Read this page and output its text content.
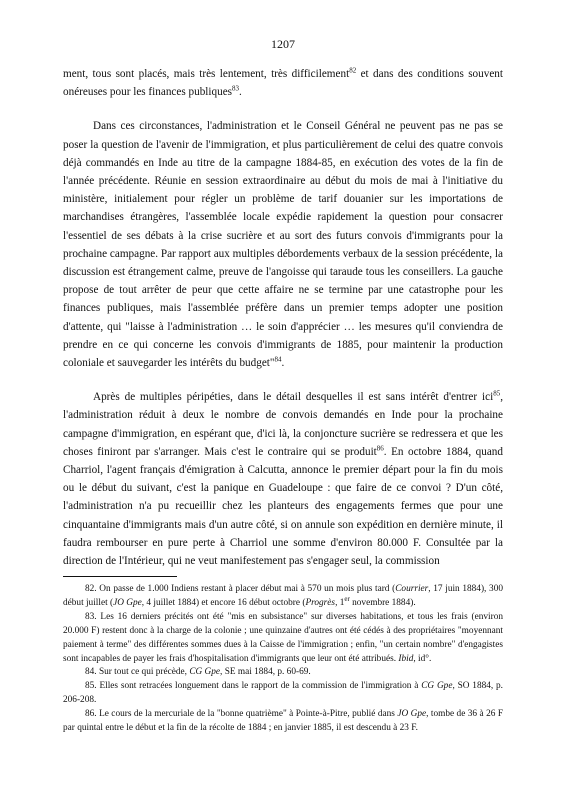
1207

ment, tous sont placés, mais très lentement, très difficilement$^{82}$ et dans des conditions souvent onéreuses pour les finances publiques$^{83}$.

Dans ces circonstances, l'administration et le Conseil Général ne peuvent pas ne pas se poser la question de l'avenir de l'immigration, et plus particulièrement de celui des quatre convois déjà commandés en Inde au titre de la campagne 1884-85, en exécution des votes de la fin de l'année précédente. Réunie en session extraordinaire au début du mois de mai à l'initiative du ministère, initialement pour régler un problème de tarif douanier sur les importations de marchandises étrangères, l'assemblée locale expédie rapidement la question pour consacrer l'essentiel de ses débats à la crise sucrière et au sort des futurs convois d'immigrants pour la prochaine campagne. Par rapport aux multiples débordements verbaux de la session précédente, la discussion est étrangement calme, preuve de l'angoisse qui taraude tous les conseillers. La gauche propose de tout arrêter de peur que cette affaire ne se termine par une catastrophe pour les finances publiques, mais l'assemblée préfère dans un premier temps adopter une position d'attente, qui "laisse à l'administration … le soin d'apprécier … les mesures qu'il conviendra de prendre en ce qui concerne les convois d'immigrants de 1885, pour maintenir la production coloniale et sauvegarder les intérêts du budget"$^{84}$.

Après de multiples péripéties, dans le détail desquelles il est sans intérêt d'entrer ici$^{85}$, l'administration réduit à deux le nombre de convois demandés en Inde pour la prochaine campagne d'immigration, en espérant que, d'ici là, la conjoncture sucrière se redressera et que les choses finiront par s'arranger. Mais c'est le contraire qui se produit$^{86}$. En octobre 1884, quand Charriol, l'agent français d'émigration à Calcutta, annonce le premier départ pour la fin du mois ou le début du suivant, c'est la panique en Guadeloupe : que faire de ce convoi ? D'un côté, l'administration n'a pu recueillir chez les planteurs des engagements fermes que pour une cinquantaine d'immigrants mais d'un autre côté, si on annule son expédition en dernière minute, il faudra rembourser en pure perte à Charriol une somme d'environ 80.000 F. Consultée par la direction de l'Intérieur, qui ne veut manifestement pas s'engager seul, la commission

82. On passe de 1.000 Indiens restant à placer début mai à 570 un mois plus tard (Courrier, 17 juin 1884), 300 début juillet (JO Gpe, 4 juillet 1884) et encore 16 début octobre (Progrès, 1er novembre 1884).

83. Les 16 derniers précités ont été "mis en subsistance" sur diverses habitations, et tous les frais (environ 20.000 F) restent donc à la charge de la colonie ; une quinzaine d'autres ont été cédés à des propriétaires "moyennant paiement à terme" des différentes sommes dues à la Caisse de l'immigration ; enfin, "un certain nombre" d'engagistes sont incapables de payer les frais d'hospitalisation d'immigrants que leur ont été attribués. Ibid, id°.

84. Sur tout ce qui précède, CG Gpe, SE mai 1884, p. 60-69.

85. Elles sont retracées longuement dans le rapport de la commission de l'immigration à CG Gpe, SO 1884, p. 206-208.

86. Le cours de la mercuriale de la "bonne quatrième" à Pointe-à-Pitre, publié dans JO Gpe, tombe de 36 à 26 F par quintal entre le début et la fin de la récolte de 1884 ; en janvier 1885, il est descendu à 23 F.
